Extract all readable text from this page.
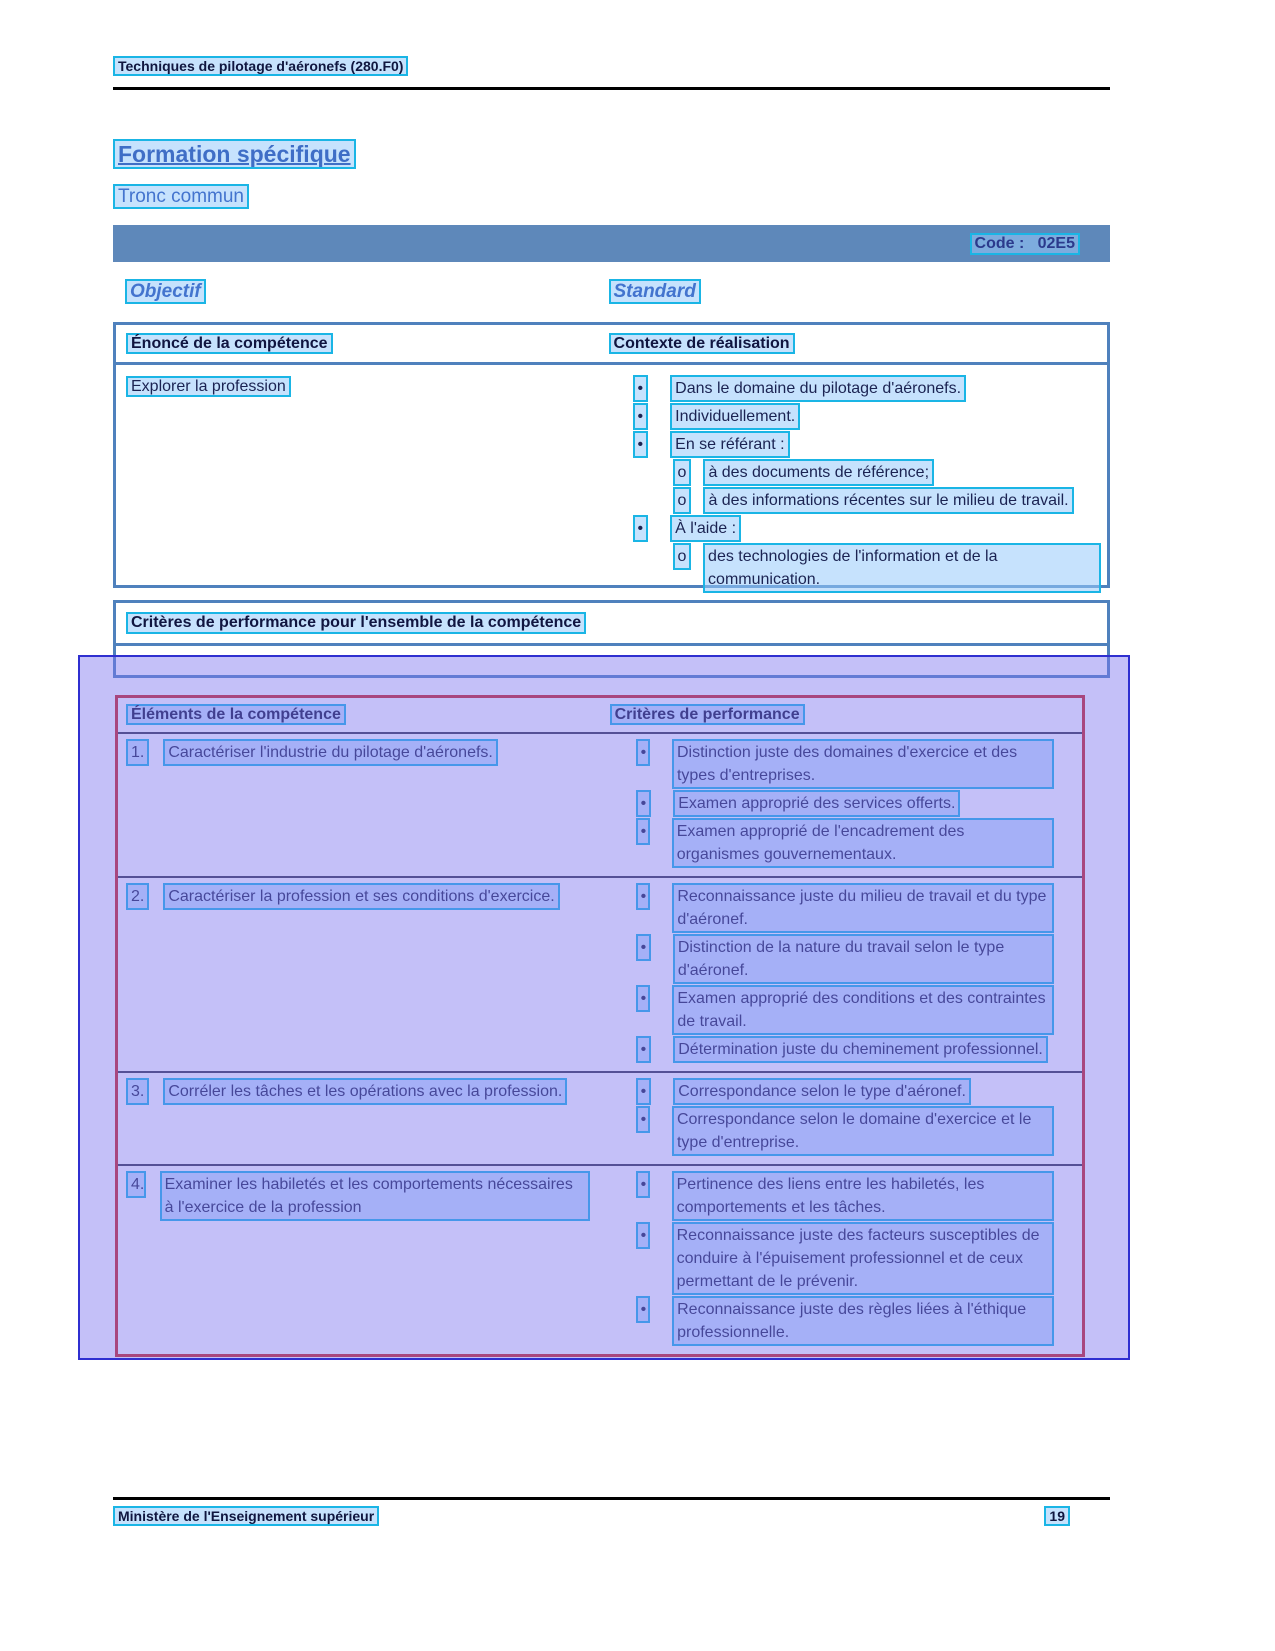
Techniques de pilotage d'aéronefs (280.F0)
Formation spécifique
Tronc commun
Code :   02E5
Objectif	Standard
Énoncé de la compétence	Contexte de réalisation
Explorer la profession	•	Dans le domaine du pilotage d'aéronefs.
•	Individuellement.
•	En se référant :
o	à des documents de référence;
o	à des informations récentes sur le milieu de travail.
•	À l'aide :
o	des technologies de l'information et de la communication.
Critères de performance pour l'ensemble de la compétence
Éléments de la compétence	Critères de performance
1.	Caractériser l'industrie du pilotage d'aéronefs.	•	Distinction juste des domaines d'exercice et des types d'entreprises.
•	Examen approprié des services offerts.
•	Examen approprié de l'encadrement des organismes gouvernementaux.
2.	Caractériser la profession et ses conditions d'exercice.	•	Reconnaissance juste du milieu de travail et du type d'aéronef.
•	Distinction de la nature du travail selon le type d'aéronef.
•	Examen approprié des conditions et des contraintes de travail.
•	Détermination juste du cheminement professionnel.
3.	Corréler les tâches et les opérations avec la profession.	•	Correspondance selon le type d'aéronef.
•	Correspondance selon le domaine d'exercice et le type d'entreprise.
4.	Examiner les habiletés et les comportements nécessaires à l'exercice de la profession
•	Pertinence des liens entre les habiletés, les comportements et les tâches.
•	Reconnaissance juste des facteurs susceptibles de conduire à l'épuisement professionnel et de ceux permettant de le prévenir.
•	Reconnaissance juste des règles liées à l'éthique professionnelle.
Ministère de l'Enseignement supérieur	19
